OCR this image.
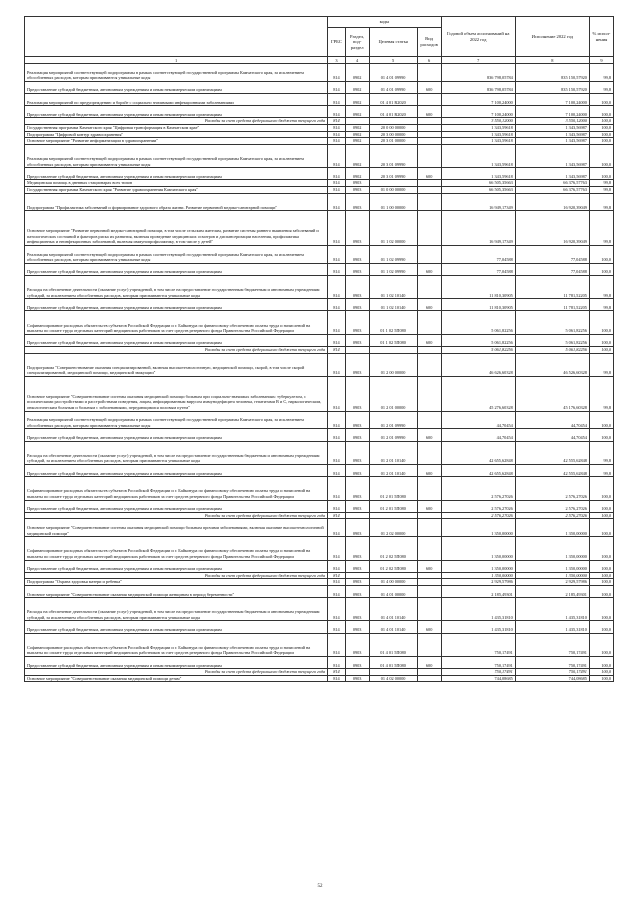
	коды				Годовой объем ассигнований на 2022 год	Исполнение 2022 год	% испол- нения
	ГРБС	Раздел, под- раздел	Целевая статья	Вид расходов			
1	3	4	5	6	7	8	9
Реализация мероприятий соответствующей подпрограммы в рамках соответствующей государственной программы Камчатского края, за исключением обособленных расходов, которым присваиваются уникальные коды	814	0902	01 4 01 09990		836 798,05784	835 150,57920	99,8
Предоставление субсидий бюджетным, автономным учреждениям и иным некоммерческим организациям	814	0902	01 4 01 09990	600	836 798,05784	835 150,57920	99,8
Реализация мероприятий по предупреждению и борьбе с социально значимыми инфекционными заболеваниями	814	0902	01 4 01 R2020		7 100,24000	7 100,24000	100,0
Предоставление субсидий бюджетным, автономным учреждениям и иным некоммерческим организациям	814	0902	01 4 01 R2020	600	7 100,24000	7 100,24000	100,0
Расходы за счет средств федерального бюджета текущего года	814				3 550,12000	3 550,12000	100,0
Государственная программа Камчатского края "Цифровая трансформация в Камчатском крае"	814	0902	20 0 00 00000		1 343,59618	1 343,56987	100,0
Подпрограмма "Цифровой контур здравоохранения"	814	0902	20 3 00 00000		1 343,59618	1 343,56987	100,0
Основное мероприятие "Развитие информатизации в здравоохранении"	814	0902	20 3 01 00000		1 343,59618	1 343,56987	100,0
Реализация мероприятий соответствующей подпрограммы в рамках соответствующей государственной программы Камчатского края, за исключением обособленных расходов, которым присваиваются уникальные коды	814	0902	20 3 01 09990		1 343,59618	1 343,56987	100,0
Предоставление субсидий бюджетным, автономным учреждениям и иным некоммерческим организациям	814	0902	20 3 01 09990	600	1 343,59618	1 343,56987	100,0
Медицинская помощь в дневных стационарах всех типов	814	0903			66 505,35663	66 376,57763	99,8
Государственная программа Камчатского края "Развитие здравоохранения Камчатского края"	814	0903	01 0 00 00000		66 505,35663	66 376,57763	99,8
Подпрограмма "Профилактика заболеваний и формирование здорового образа жизни. Развитие первичной медико-санитарной помощи"	814	0903	01 1 00 00000		16 949,17349	16 920,39049	99,8
Основное мероприятие "Развитие первичной медико-санитарной помощи, в том числе сельским жителям, развитие системы раннего выявления заболеваний и патологических состояний и факторов риска их развития, включая проведение медицинских осмотров и диспансеризации населения, профилактика инфекционных и неинфекционных заболеваний, включая иммунопрофилактику, в том числе у детей"	814	0903	01 1 02 00000		16 949,17349	16 920,39049	99,8
Реализация мероприятий соответствующей подпрограммы в рамках соответствующей государственной программы Камчатского края, за исключением обособленных расходов, которым присваиваются уникальные коды	814	0903	01 1 02 09990		77,04588	77,04588	100,0
Предоставление субсидий бюджетным, автономным учреждениям и иным некоммерческим организациям	814	0903	01 1 02 09990	600	77,04588	77,04588	100,0
Расходы на обеспечение деятельности (оказание услуг) учреждений, в том числе на предоставление государственным бюджетным и автономным учреждениям субсидий, за исключением обособленных расходов, которым присваиваются уникальные коды	814	0903	01 1 02 10140		11 810,30905	11 781,52205	99,8
Предоставление субсидий бюджетным, автономным учреждениям и иным некоммерческим организациям	814	0903	01 1 02 10140	600	11 810,30905	11 781,52205	99,8
Софинансирование расходных обязательств субъектов Российской Федерации и г. Байконура по финансовому обеспечению оплаты труда и начислений на выплаты по оплате труда отдельных категорий медицинских работников за счет средств резервного фонда Правительства Российской Федерации	814	0903	01 1 02 5П080		5 061,82256	5 061,82256	100,0
Предоставление субсидий бюджетным, автономным учреждениям и иным некоммерческим организациям	814	0903	01 1 02 5П080	600	5 061,82256	5 061,82256	100,0
Расходы за счет средств федерального бюджета текущего года	814				5 061,82256	5 061,82256	100,0
Подпрограмма "Совершенствование оказания специализированной, включая высокотехнологичную, медицинской помощи, скорой, в том числе скорой специализированной, медицинской помощи, медицинской эвакуации"	814	0903	01 2 00 00000		46 626,60328	46 526,60328	99,8
Основное мероприятие "Совершенствование системы оказания медицинской помощи больным при социально-значимых заболеваниях: туберкулезом, с психическими расстройствами и расстройствами поведения, лицам, инфицированным вирусом иммунодефицита человека, гепатитами В и С, наркологическим, онкологическим больным и больным с заболеваниями, передающимися половым путем"	814	0903	01 2 01 00000		45 276,60328	45 176,60328	99,8
Реализация мероприятий соответствующей подпрограммы в рамках соответствующей государственной программы Камчатского края, за исключением обособленных расходов, которым присваиваются уникальные коды	814	0903	01 2 01 09990		44,70454	44,70454	100,0
Предоставление субсидий бюджетным, автономным учреждениям и иным некоммерческим организациям	814	0903	01 2 01 09990	600	44,70454	44,70454	100,0
Расходы на обеспечение деятельности (оказание услуг) учреждений, в том числе на предоставление государственным бюджетным и автономным учреждениям субсидий, за исключением обособленных расходов, которым присваиваются уникальные коды	814	0903	01 2 01 10140		42 655,62848	42 555,62848	99,8
Предоставление субсидий бюджетным, автономным учреждениям и иным некоммерческим организациям	814	0903	01 2 01 10140	600	42 655,62848	42 555,62848	99,8
Софинансирование расходных обязательств субъектов Российской Федерации и г. Байконура по финансовому обеспечению оплаты труда и начислений на выплаты по оплате труда отдельных категорий медицинских работников за счет средств резервного фонда Правительства Российской Федерации	814	0903	01 2 01 5П080		2 576,27026	2 576,27026	100,0
Предоставление субсидий бюджетным, автономным учреждениям и иным некоммерческим организациям	814	0903	01 2 01 5П080	600	2 576,27026	2 576,27026	100,0
Расходы за счет средств федерального бюджета текущего года	814				2 576,27026	2 576,27026	100,0
Основное мероприятие "Совершенствование системы оказания медицинской помощи больным прочими заболеваниями, включая оказание высокотехнологичной медицинской помощи"	814	0903	01 2 02 00000		1 350,00000	1 350,00000	100,0
Софинансирование расходных обязательств субъектов Российской Федерации и г. Байконура по финансовому обеспечению оплаты труда и начислений на выплаты по оплате труда отдельных категорий медицинских работников за счет средств резервного фонда Правительства Российской Федерации	814	0903	01 2 02 5П080		1 350,00000	1 350,00000	100,0
Предоставление субсидий бюджетным, автономным учреждениям и иным некоммерческим организациям	814	0903	01 2 02 5П080	600	1 350,00000	1 350,00000	100,0
Расходы за счет средств федерального бюджета текущего года	814				1 350,00000	1 350,00000	100,0
Подпрограмма "Охрана здоровья матери и ребенка"	814	0903	01 4 00 00000		2 929,57986	2 929,57986	100,0
Основное мероприятие "Совершенствование оказания медицинской помощи женщинам в период беременности"	814	0903	01 4 01 00000		2 185,49301	2 185,49301	100,0
Расходы на обеспечение деятельности (оказание услуг) учреждений, в том числе на предоставление государственным бюджетным и автономным учреждениям субсидий, за исключением обособленных расходов, которым присваиваются уникальные коды	814	0903	01 4 01 10140		1 435,31810	1 435,31810	100,0
Предоставление субсидий бюджетным, автономным учреждениям и иным некоммерческим организациям	814	0903	01 4 01 10140	600	1 435,31810	1 435,31810	100,0
Софинансирование расходных обязательств субъектов Российской Федерации и г. Байконура по финансовому обеспечению оплаты труда и начислений на выплаты по оплате труда отдельных категорий медицинских работников за счет средств резервного фонда Правительства Российской Федерации	814	0903	01 4 01 5П080		750,17491	750,17491	100,0
Предоставление субсидий бюджетным, автономным учреждениям и иным некоммерческим организациям	814	0903	01 4 01 5П080	600	750,17491	750,17491	100,0
Расходы за счет средств федерального бюджета текущего года	814				750,17491	750,17491	100,0
Основное мероприятие "Совершенствование оказания медицинской помощи детям"	814	0903	01 4 02 00000		744,08685	744,08685	100,0
52
